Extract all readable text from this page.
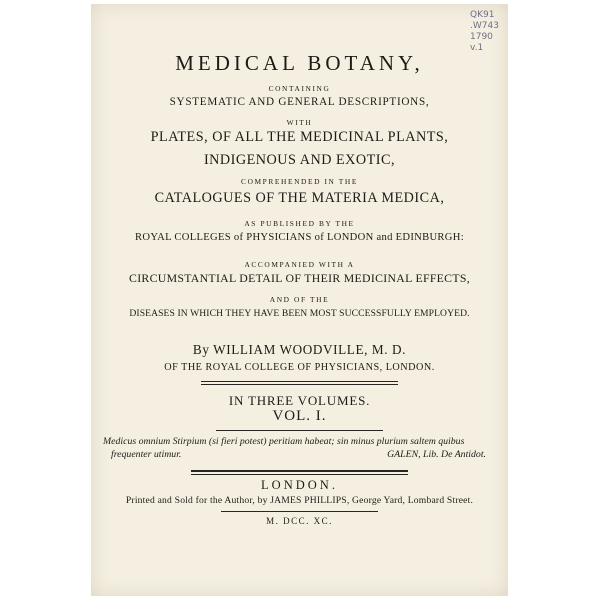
QK91
.W743
1790
v.1
MEDICAL BOTANY,
CONTAINING
SYSTEMATIC AND GENERAL DESCRIPTIONS,
WITH
PLATES, OF ALL THE MEDICINAL PLANTS,
INDIGENOUS AND EXOTIC,
COMPREHENDED IN THE
CATALOGUES OF THE MATERIA MEDICA,
AS PUBLISHED BY THE
ROYAL COLLEGES of PHYSICIANS of LONDON and EDINBURGH:
ACCOMPANIED WITH A
CIRCUMSTANTIAL DETAIL OF THEIR MEDICINAL EFFECTS,
AND OF THE
DISEASES IN WHICH THEY HAVE BEEN MOST SUCCESSFULLY EMPLOYED.
By WILLIAM WOODVILLE, M. D.
OF THE ROYAL COLLEGE OF PHYSICIANS, LONDON.
IN THREE VOLUMES.
VOL. I.
Medicus omnium Stirpium (si fieri potest) peritiam habeat; sin minus plurium saltem quibus
frequenter utimur.	GALEN, Lib. De Antidot.
LONDON.
Printed and Sold for the Author, by JAMES PHILLIPS, George Yard, Lombard Street.
M. DCC. XC.
